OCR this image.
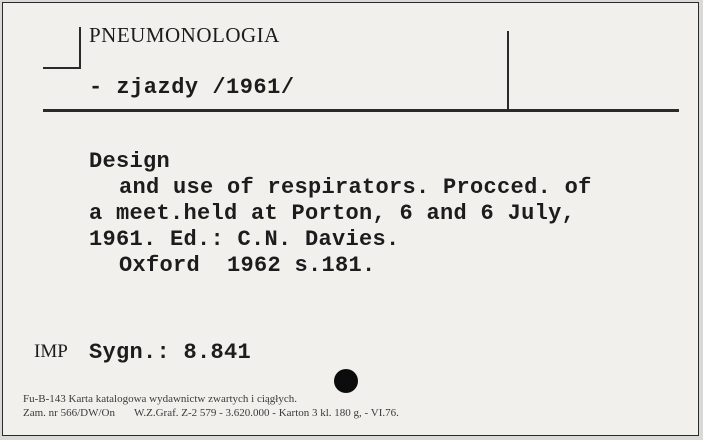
PNEUMONOLOGIA
- zjazdy /1961/
Design
and use of respirators. Procced. of
a meet.held at Porton, 6 and 6 July,
1961. Ed.: C.N. Davies.
Oxford  1962 s.181.
IMP Sygn.: 8.841
Fu-B-143 Karta katalogowa wydawnictw zwartych i ciągłych.
Zam. nr 566/DW/On       W.Z.Graf. Z-2 579 - 3.620.000 - Karton 3 kl. 180 g, - VI.76.
